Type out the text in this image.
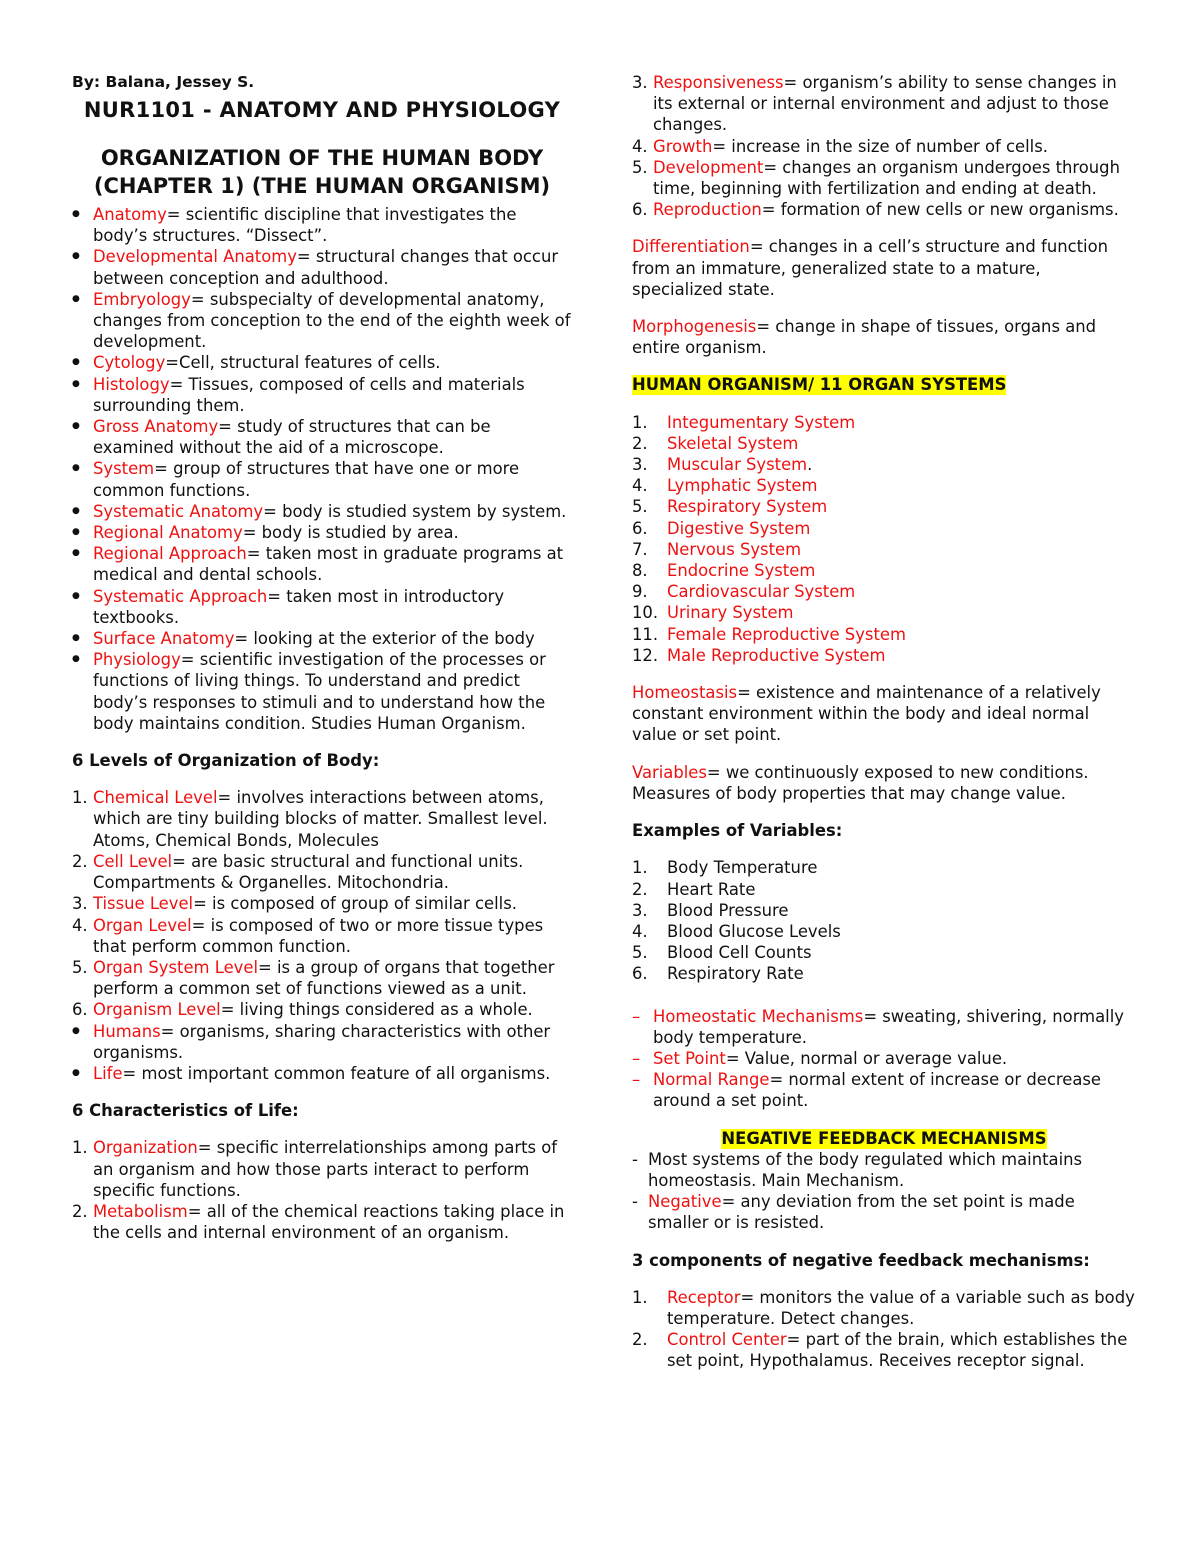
By: Balana, Jessey S.
NUR1101 - ANATOMY AND PHYSIOLOGY
ORGANIZATION OF THE HUMAN BODY (CHAPTER 1) (THE HUMAN ORGANISM)
● Anatomy= scientific discipline that investigates the body’s structures. “Dissect”.
● Developmental Anatomy= structural changes that occur between conception and adulthood.
● Embryology= subspecialty of developmental anatomy, changes from conception to the end of the eighth week of development.
● Cytology=Cell, structural features of cells.
● Histology= Tissues, composed of cells and materials surrounding them.
● Gross Anatomy= study of structures that can be examined without the aid of a microscope.
● System= group of structures that have one or more common functions.
● Systematic Anatomy= body is studied system by system.
● Regional Anatomy= body is studied by area.
● Regional Approach= taken most in graduate programs at medical and dental schools.
● Systematic Approach= taken most in introductory textbooks.
● Surface Anatomy= looking at the exterior of the body
● Physiology= scientific investigation of the processes or functions of living things. To understand and predict body’s responses to stimuli and to understand how the body maintains condition. Studies Human Organism.
6 Levels of Organization of Body:
1. Chemical Level= involves interactions between atoms, which are tiny building blocks of matter. Smallest level. Atoms, Chemical Bonds, Molecules
2. Cell Level= are basic structural and functional units. Compartments & Organelles. Mitochondria.
3. Tissue Level= is composed of group of similar cells.
4. Organ Level= is composed of two or more tissue types that perform common function.
5. Organ System Level= is a group of organs that together perform a common set of functions viewed as a unit.
6. Organism Level= living things considered as a whole.
● Humans= organisms, sharing characteristics with other organisms.
● Life= most important common feature of all organisms.
6 Characteristics of Life:
1. Organization= specific interrelationships among parts of an organism and how those parts interact to perform specific functions.
2. Metabolism= all of the chemical reactions taking place in the cells and internal environment of an organism.
3. Responsiveness= organism’s ability to sense changes in its external or internal environment and adjust to those changes.
4. Growth= increase in the size of number of cells.
5. Development= changes an organism undergoes through time, beginning with fertilization and ending at death.
6. Reproduction= formation of new cells or new organisms.
Differentiation= changes in a cell’s structure and function from an immature, generalized state to a mature, specialized state.
Morphogenesis= change in shape of tissues, organs and entire organism.
HUMAN ORGANISM/ 11 ORGAN SYSTEMS
1.	Integumentary System
2.	Skeletal System
3.	Muscular System.
4.	Lymphatic System
5.	Respiratory System
6.	Digestive System
7.	Nervous System
8.	Endocrine System
9.	Cardiovascular System
10. Urinary System
11. Female Reproductive System
12. Male Reproductive System
Homeostasis= existence and maintenance of a relatively constant environment within the body and ideal normal value or set point.
Variables= we continuously exposed to new conditions. Measures of body properties that may change value.
Examples of Variables:
1.	Body Temperature
2.	Heart Rate
3.	Blood Pressure
4.	Blood Glucose Levels
5.	Blood Cell Counts
6.	Respiratory Rate
– Homeostatic Mechanisms= sweating, shivering, normally body temperature.
– Set Point= Value, normal or average value.
– Normal Range= normal extent of increase or decrease around a set point.
NEGATIVE FEEDBACK MECHANISMS
- Most systems of the body regulated which maintains homeostasis. Main Mechanism.
- Negative= any deviation from the set point is made smaller or is resisted.
3 components of negative feedback mechanisms:
1.	Receptor= monitors the value of a variable such as body temperature. Detect changes.
2.	Control Center= part of the brain, which establishes the set point, Hypothalamus. Receives receptor signal.
